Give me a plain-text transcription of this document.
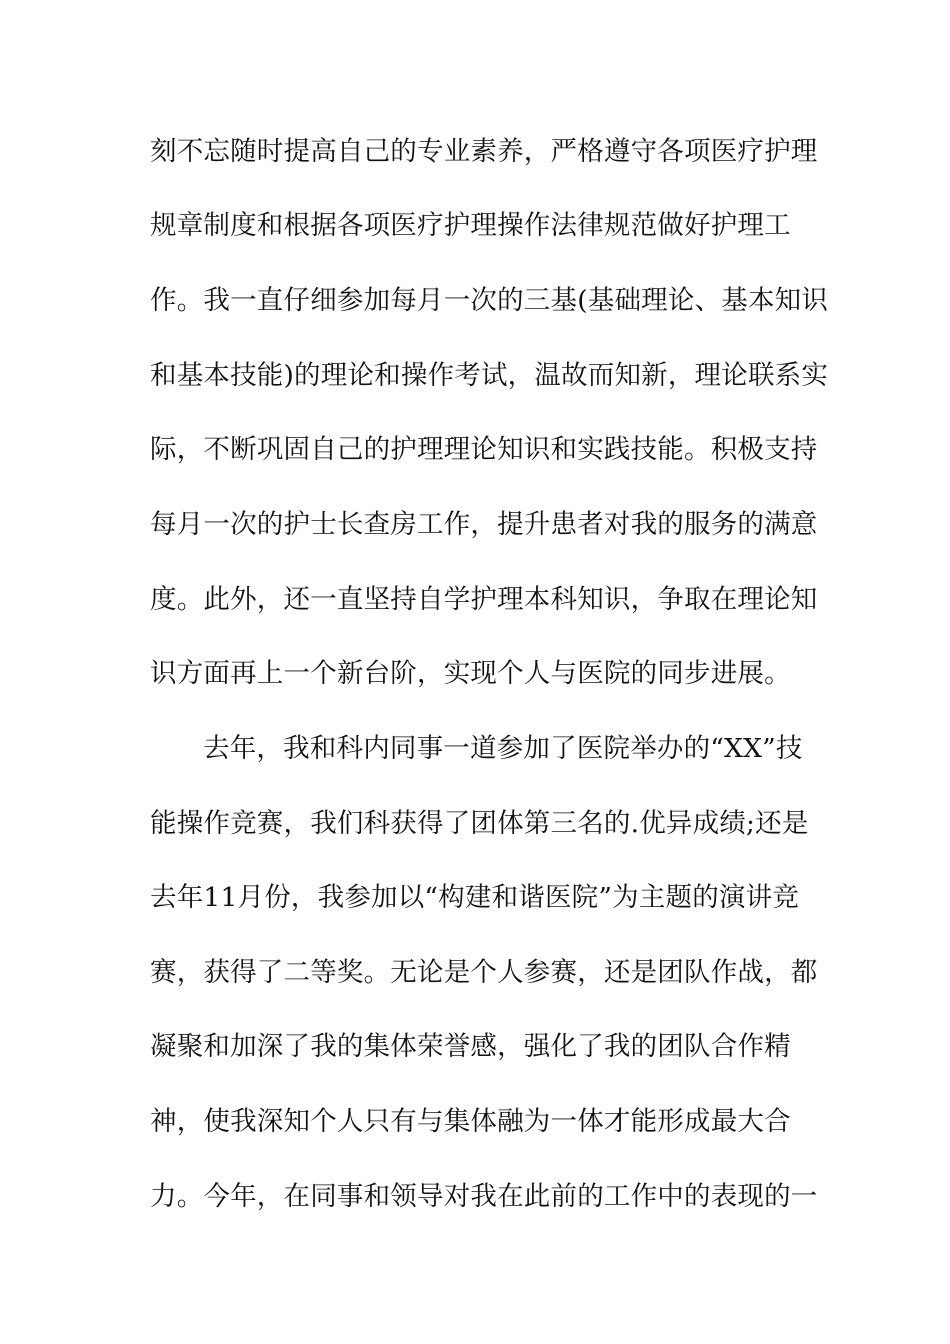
刻不忘随时提高自己的专业素养，严格遵守各项医疗护理
规章制度和根据各项医疗护理操作法律规范做好护理工
作。我一直仔细参加每月一次的三基(基础理论、基本知识
和基本技能)的理论和操作考试，温故而知新，理论联系实
际，不断巩固自己的护理理论知识和实践技能。积极支持
每月一次的护士长查房工作，提升患者对我的服务的满意
度。此外，还一直坚持自学护理本科知识，争取在理论知
识方面再上一个新台阶，实现个人与医院的同步进展。
去年，我和科内同事一道参加了医院举办的“XX”技
能操作竞赛，我们科获得了团体第三名的.优异成绩;还是
去年11月份，我参加以“构建和谐医院”为主题的演讲竞
赛，获得了二等奖。无论是个人参赛，还是团队作战，都
凝聚和加深了我的集体荣誉感，强化了我的团队合作精
神，使我深知个人只有与集体融为一体才能形成最大合
力。今年，在同事和领导对我在此前的工作中的表现的一
